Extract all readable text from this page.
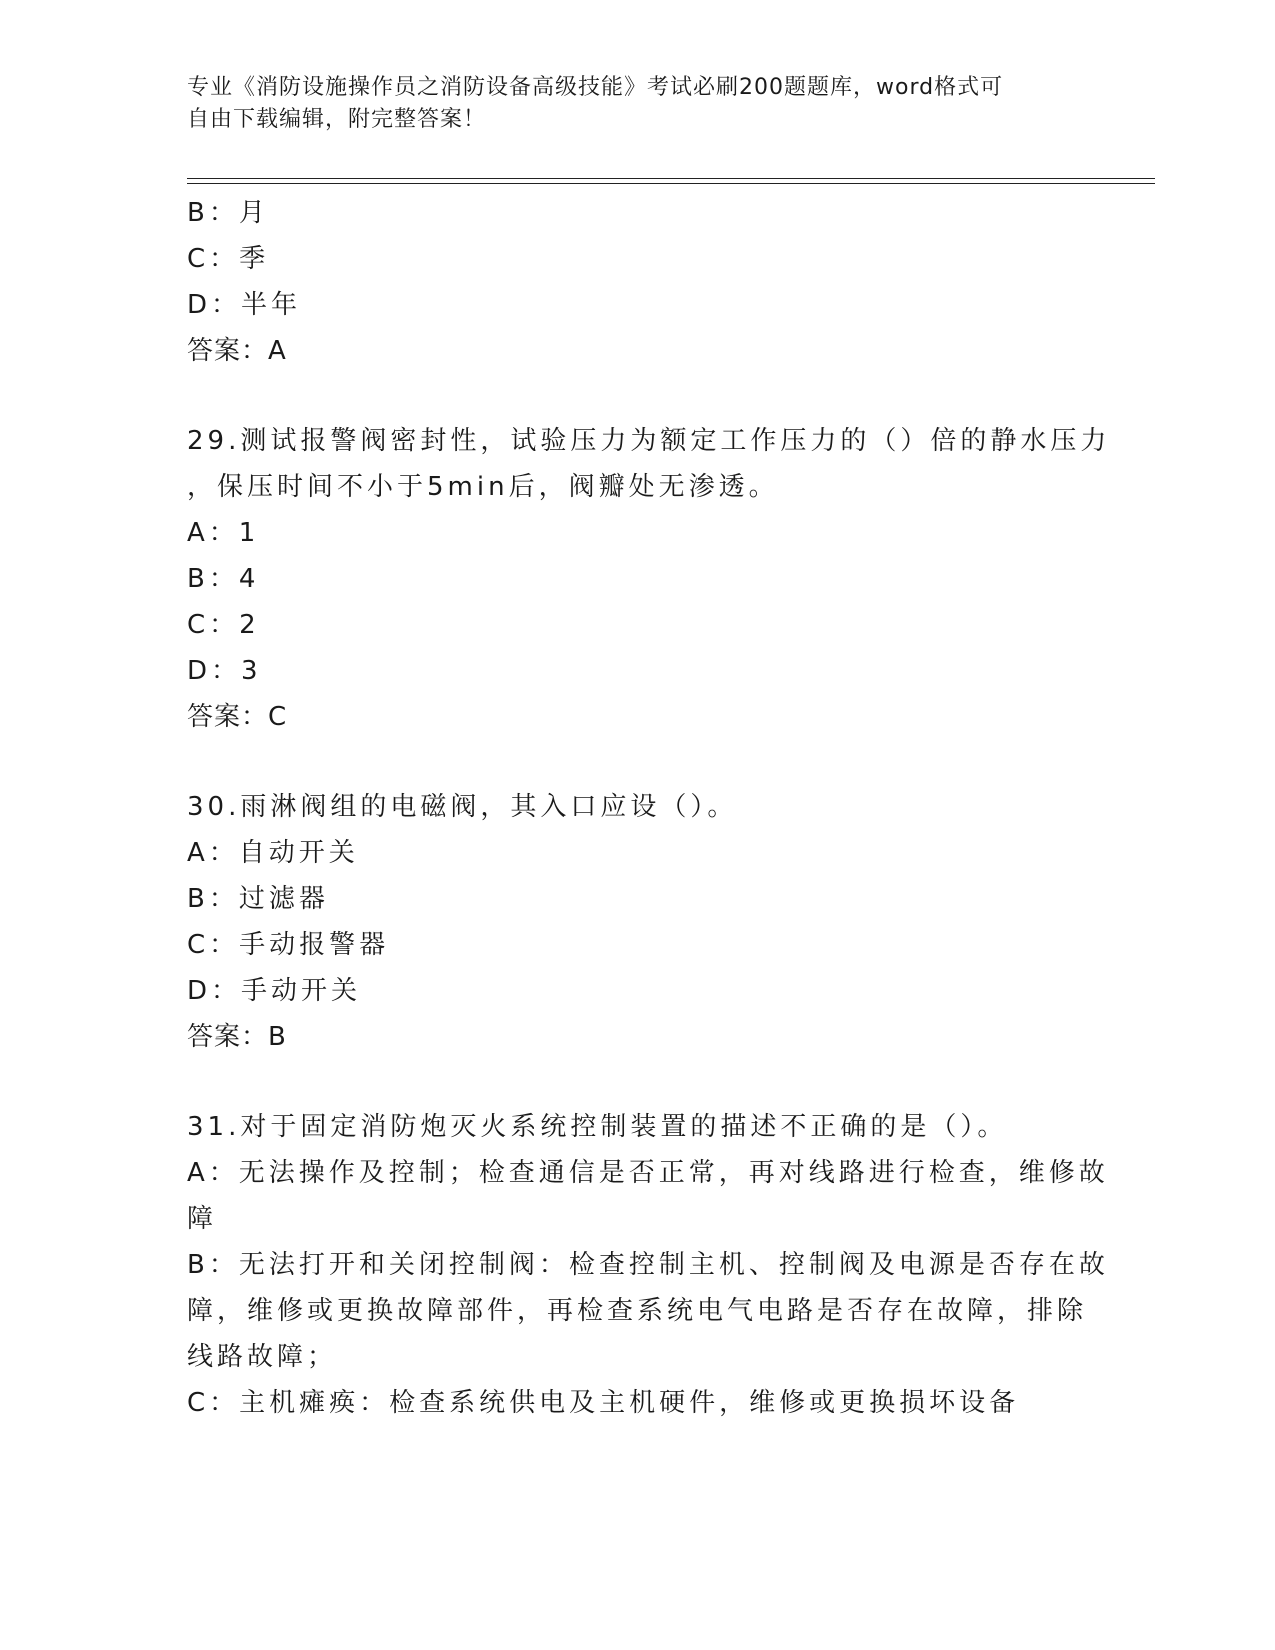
专业《消防设施操作员之消防设备高级技能》考试必刷200题题库，word格式可

自由下载编辑，附完整答案！

B：月
C：季
D：半年
答案：A
29.测试报警阀密封性，试验压力为额定工作压力的（）倍的静水压力
，保压时间不小于5min后，阀瓣处无渗透。
A：1
B：4
C：2
D：3
答案：C
30.雨淋阀组的电磁阀，其入口应设（）。
A：自动开关
B：过滤器
C：手动报警器
D：手动开关
答案：B
31.对于固定消防炮灭火系统控制装置的描述不正确的是（）。
A：无法操作及控制；检查通信是否正常，再对线路进行检查，维修故
障
B：无法打开和关闭控制阀：检查控制主机、控制阀及电源是否存在故
障，维修或更换故障部件，再检查系统电气电路是否存在故障，排除
线路故障；
C：主机瘫痪：检查系统供电及主机硬件，维修或更换损坏设备
